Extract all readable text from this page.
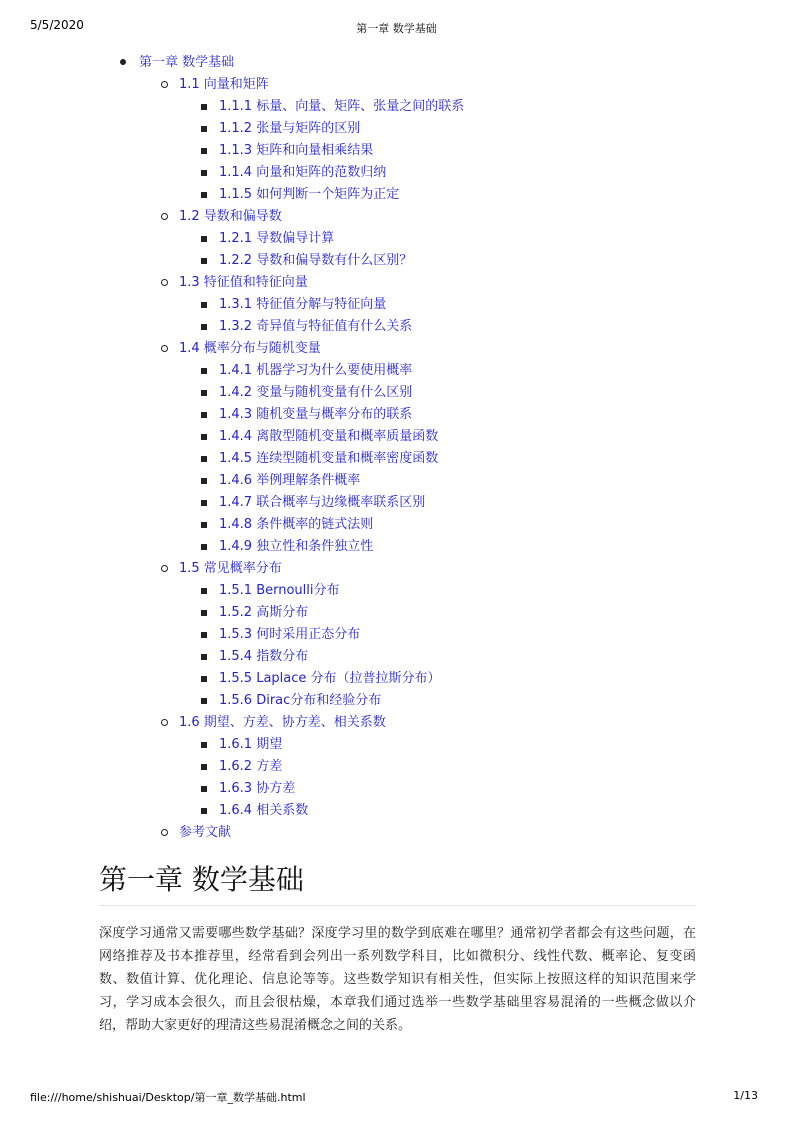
5/5/2020	第一章 数学基础
第一章 数学基础
1.1 向量和矩阵
1.1.1 标量、向量、矩阵、张量之间的联系
1.1.2 张量与矩阵的区别
1.1.3 矩阵和向量相乘结果
1.1.4 向量和矩阵的范数归纳
1.1.5 如何判断一个矩阵为正定
1.2 导数和偏导数
1.2.1 导数偏导计算
1.2.2 导数和偏导数有什么区别？
1.3 特征值和特征向量
1.3.1 特征值分解与特征向量
1.3.2 奇异值与特征值有什么关系
1.4 概率分布与随机变量
1.4.1 机器学习为什么要使用概率
1.4.2 变量与随机变量有什么区别
1.4.3 随机变量与概率分布的联系
1.4.4 离散型随机变量和概率质量函数
1.4.5 连续型随机变量和概率密度函数
1.4.6 举例理解条件概率
1.4.7 联合概率与边缘概率联系区别
1.4.8 条件概率的链式法则
1.4.9 独立性和条件独立性
1.5 常见概率分布
1.5.1 Bernoulli分布
1.5.2 高斯分布
1.5.3 何时采用正态分布
1.5.4 指数分布
1.5.5 Laplace 分布（拉普拉斯分布）
1.5.6 Dirac分布和经验分布
1.6 期望、方差、协方差、相关系数
1.6.1 期望
1.6.2 方差
1.6.3 协方差
1.6.4 相关系数
参考文献
第一章 数学基础
深度学习通常又需要哪些数学基础？深度学习里的数学到底难在哪里？通常初学者都会有这些问题，在网络推荐及书本推荐里，经常看到会列出一系列数学科目，比如微积分、线性代数、概率论、复变函数、数值计算、优化理论、信息论等等。这些数学知识有相关性，但实际上按照这样的知识范围来学习，学习成本会很久，而且会很枯燥，本章我们通过选举一些数学基础里容易混淆的一些概念做以介绍，帮助大家更好的理清这些易混淆概念之间的关系。
file:///home/shishuai/Desktop/第一章_数学基础.html	1/13
